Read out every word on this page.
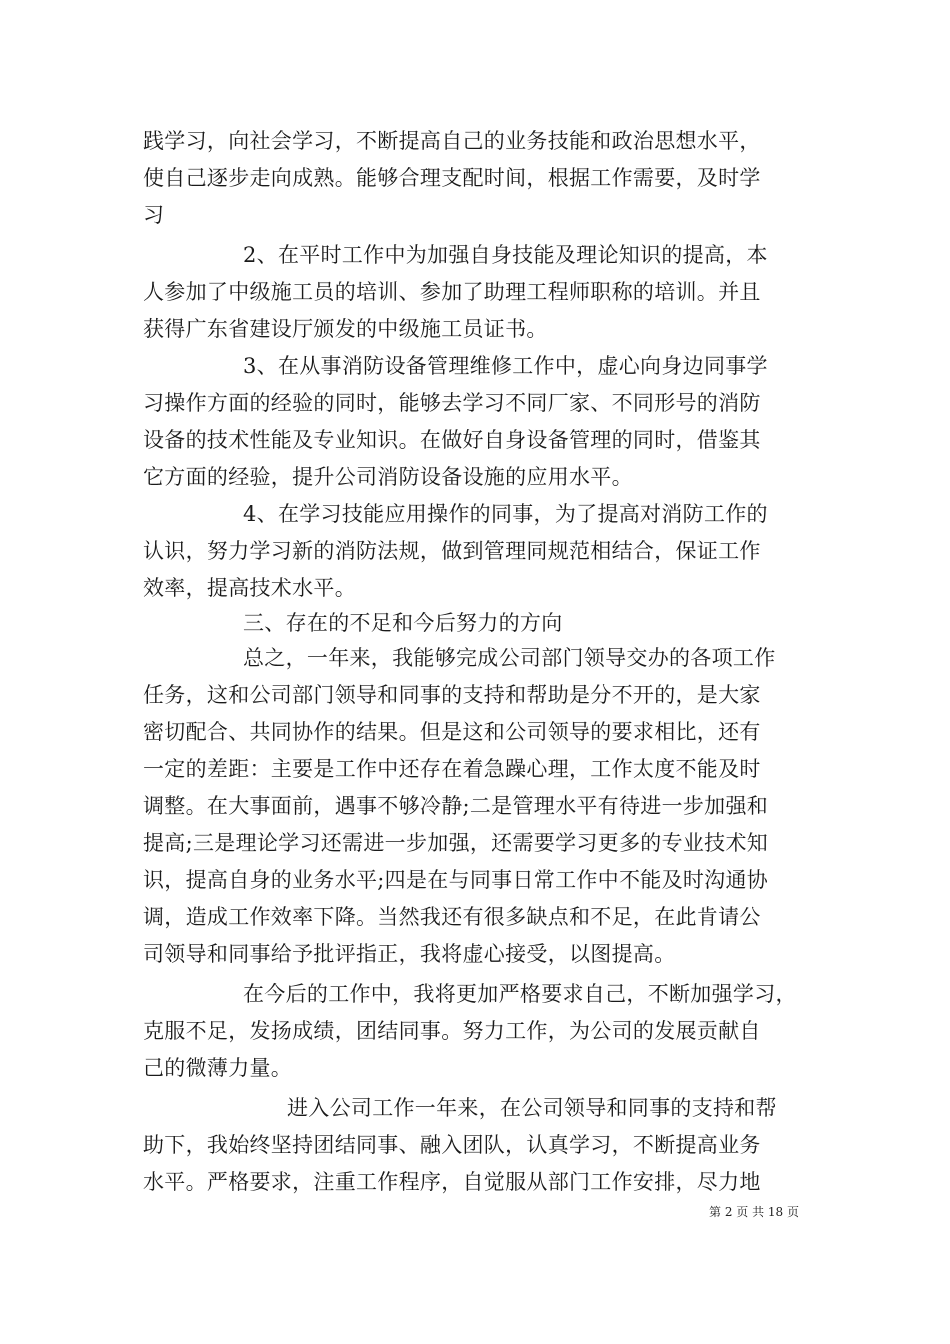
践学习，向社会学习，不断提高自己的业务技能和政治思想水平，
使自己逐步走向成熟。能够合理支配时间，根据工作需要，及时学
习
2、在平时工作中为加强自身技能及理论知识的提高，本
人参加了中级施工员的培训、参加了助理工程师职称的培训。并且
获得广东省建设厅颁发的中级施工员证书。
3、在从事消防设备管理维修工作中，虚心向身边同事学
习操作方面的经验的同时，能够去学习不同厂家、不同形号的消防
设备的技术性能及专业知识。在做好自身设备管理的同时，借鉴其
它方面的经验，提升公司消防设备设施的应用水平。
4、在学习技能应用操作的同事，为了提高对消防工作的
认识，努力学习新的消防法规，做到管理同规范相结合，保证工作
效率，提高技术水平。
三、存在的不足和今后努力的方向
总之，一年来，我能够完成公司部门领导交办的各项工作
任务，这和公司部门领导和同事的支持和帮助是分不开的，是大家
密切配合、共同协作的结果。但是这和公司领导的要求相比，还有
一定的差距：主要是工作中还存在着急躁心理，工作太度不能及时
调整。在大事面前，遇事不够冷静;二是管理水平有待进一步加强和
提高;三是理论学习还需进一步加强，还需要学习更多的专业技术知
识，提高自身的业务水平;四是在与同事日常工作中不能及时沟通协
调，造成工作效率下降。当然我还有很多缺点和不足，在此肯请公
司领导和同事给予批评指正，我将虚心接受，以图提高。
在今后的工作中，我将更加严格要求自己，不断加强学习，
克服不足，发扬成绩，团结同事。努力工作，为公司的发展贡献自
己的微薄力量。
进入公司工作一年来，在公司领导和同事的支持和帮
助下，我始终坚持团结同事、融入团队，认真学习，不断提高业务
水平。严格要求，注重工作程序，自觉服从部门工作安排，尽力地
第 2 页 共 18 页
